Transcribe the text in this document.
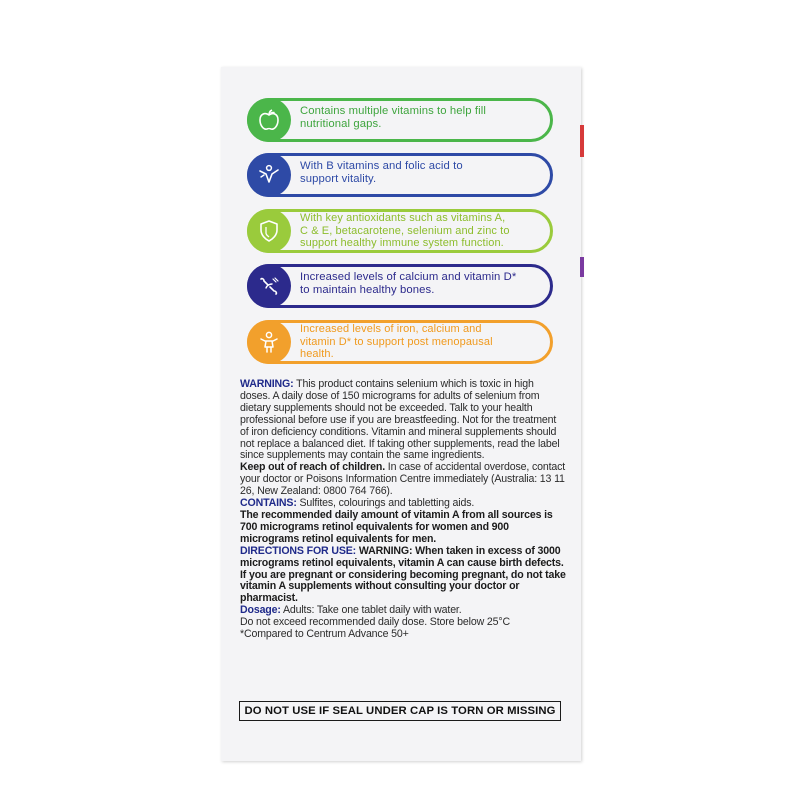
Contains multiple vitamins to help fill
nutritional gaps.
With B vitamins and folic acid to
support vitality.
With key antioxidants such as vitamins A,
C & E, betacarotene, selenium and zinc to
support healthy immune system function.
Increased levels of calcium and vitamin D*
to maintain healthy bones.
Increased levels of iron, calcium and
vitamin D* to support post menopausal
health.

WARNING: This product contains selenium which is toxic in high doses. A daily dose of 150 micrograms for adults of selenium from dietary supplements should not be exceeded. Talk to your health professional before use if you are breastfeeding. Not for the treatment of iron deficiency conditions. Vitamin and mineral supplements should not replace a balanced diet. If taking other supplements, read the label since supplements may contain the same ingredients.

Keep out of reach of children. In case of accidental overdose, contact your doctor or Poisons Information Centre immediately (Australia: 13 11 26, New Zealand: 0800 764 766).

CONTAINS: Sulfites, colourings and tabletting aids.

The recommended daily amount of vitamin A from all sources is 700 micrograms retinol equivalents for women and 900 micrograms retinol equivalents for men.

DIRECTIONS FOR USE: WARNING: When taken in excess of 3000 micrograms retinol equivalents, vitamin A can cause birth defects. If you are pregnant or considering becoming pregnant, do not take vitamin A supplements without consulting your doctor or pharmacist.

Dosage: Adults: Take one tablet daily with water.

Do not exceed recommended daily dose. Store below 25°C

*Compared to Centrum Advance 50+

DO NOT USE IF SEAL UNDER CAP IS TORN OR MISSING
